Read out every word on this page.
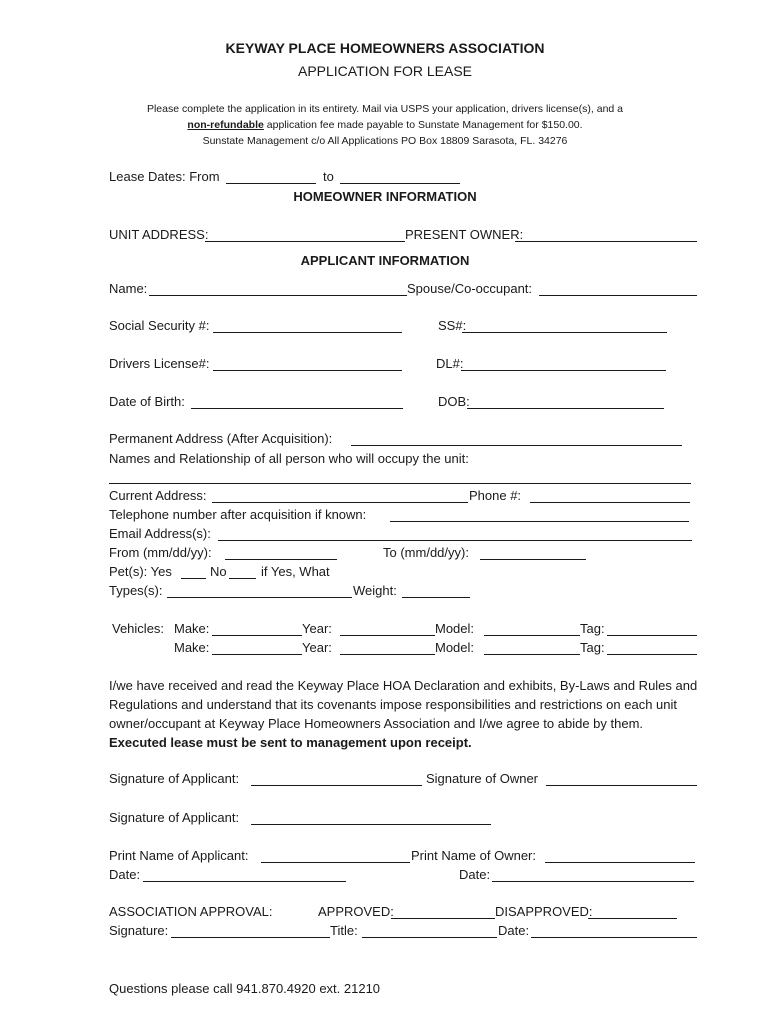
KEYWAY PLACE HOMEOWNERS ASSOCIATION
APPLICATION FOR LEASE
Please complete the application in its entirety. Mail via USPS your application, drivers license(s), and a
non-refundable application fee made payable to Sunstate Management for $150.00.
Sunstate Management c/o All Applications PO Box 18809 Sarasota, FL. 34276
Lease Dates: From	to
HOMEOWNER INFORMATION
UNIT ADDRESS:	PRESENT OWNER:
APPLICANT INFORMATION
Name:	Spouse/Co-occupant:
Social Security #:	SS#:
Drivers License#:	DL#:
Date of Birth:	DOB:
Permanent Address (After Acquisition):
Names and Relationship of all person who will occupy the unit:
Current Address:	Phone #:
Telephone number after acquisition if known:
Email Address(s):
From (mm/dd/yy):	To (mm/dd/yy):
Pet(s): Yes	No	if Yes, What
Types(s):	Weight:
Vehicles: Make:	Year:	Model:	Tag:
Make:	Year:	Model:	Tag:
I/we have received and read the Keyway Place HOA Declaration and exhibits, By-Laws and Rules and Regulations and understand that its covenants impose responsibilities and restrictions on each unit owner/occupant at Keyway Place Homeowners Association and I/we agree to abide by them. Executed lease must be sent to management upon receipt.
Signature of Applicant:	Signature of Owner
Signature of Applicant:
Print Name of Applicant:	Print Name of Owner:
Date:	Date:
ASSOCIATION APPROVAL:	APPROVED:	DISAPPROVED:
Signature:	Title:	Date:
Questions please call 941.870.4920 ext. 21210
